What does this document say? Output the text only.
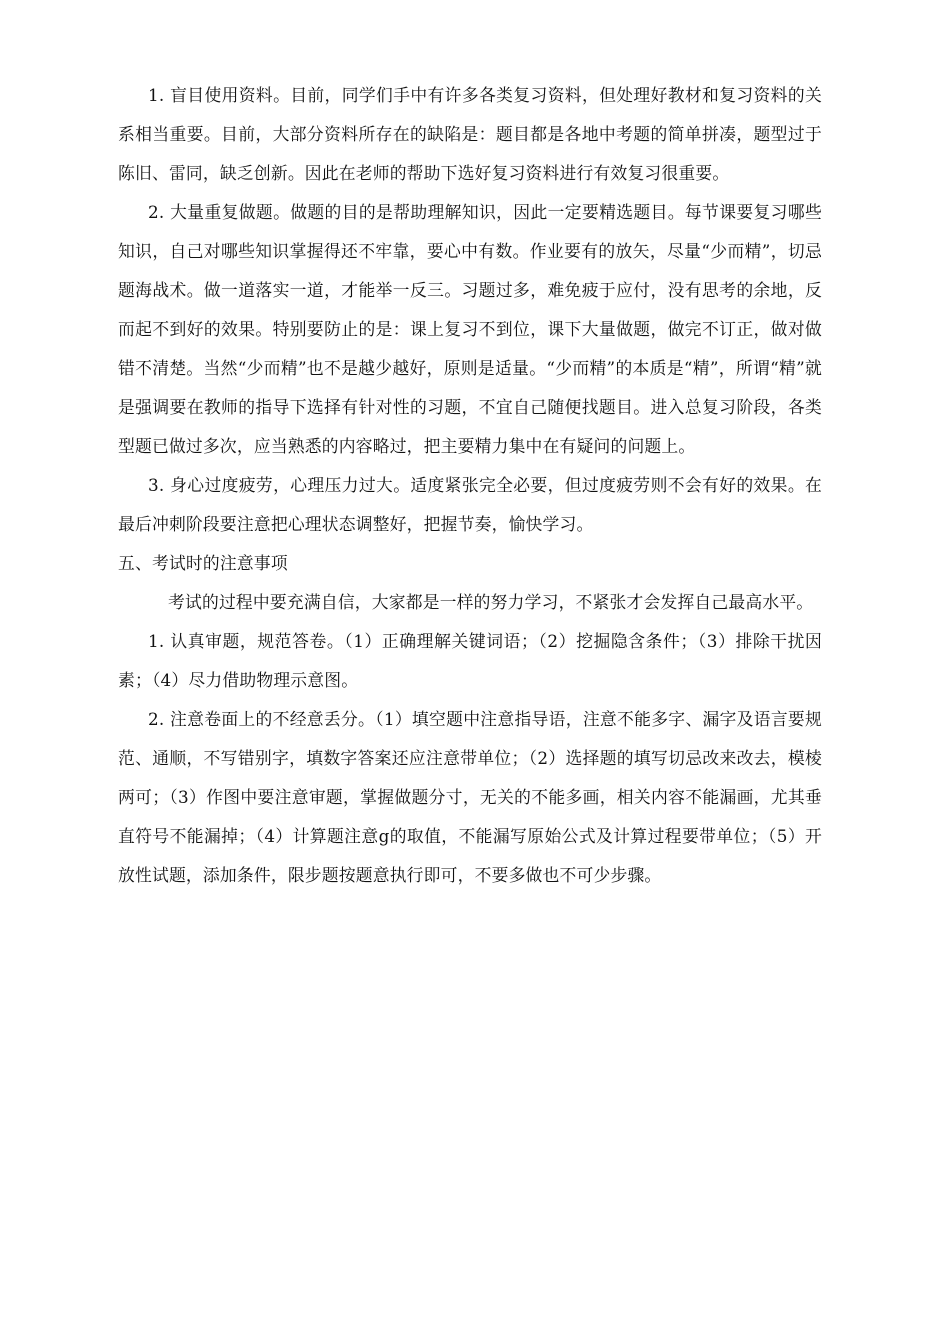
1. 盲目使用资料。目前，同学们手中有许多各类复习资料，但处理好教材和复习资料的关系相当重要。目前，大部分资料所存在的缺陷是：题目都是各地中考题的简单拼凑，题型过于陈旧、雷同，缺乏创新。因此在老师的帮助下选好复习资料进行有效复习很重要。

2. 大量重复做题。做题的目的是帮助理解知识，因此一定要精选题目。每节课要复习哪些知识，自己对哪些知识掌握得还不牢靠，要心中有数。作业要有的放矢，尽量“少而精”，切忌题海战术。做一道落实一道，才能举一反三。习题过多，难免疲于应付，没有思考的余地，反而起不到好的效果。特别要防止的是：课上复习不到位，课下大量做题，做完不订正，做对做错不清楚。当然“少而精”也不是越少越好，原则是适量。“少而精”的本质是“精”，所谓“精”就是强调要在教师的指导下选择有针对性的习题，不宜自己随便找题目。进入总复习阶段，各类型题已做过多次，应当熟悉的内容略过，把主要精力集中在有疑问的问题上。

3. 身心过度疲劳，心理压力过大。适度紧张完全必要，但过度疲劳则不会有好的效果。在最后冲刺阶段要注意把心理状态调整好，把握节奏，愉快学习。

五、考试时的注意事项

考试的过程中要充满自信，大家都是一样的努力学习，不紧张才会发挥自己最高水平。

1. 认真审题，规范答卷。（1）正确理解关键词语；（2）挖掘隐含条件；（3）排除干扰因素；（4）尽力借助物理示意图。

2. 注意卷面上的不经意丢分。（1）填空题中注意指导语，注意不能多字、漏字及语言要规范、通顺，不写错别字，填数字答案还应注意带单位；（2）选择题的填写切忌改来改去，模棱两可；（3）作图中要注意审题，掌握做题分寸，无关的不能多画，相关内容不能漏画，尤其垂直符号不能漏掉；（4）计算题注意g的取值，不能漏写原始公式及计算过程要带单位；（5）开放性试题，添加条件，限步题按题意执行即可，不要多做也不可少步骤。
